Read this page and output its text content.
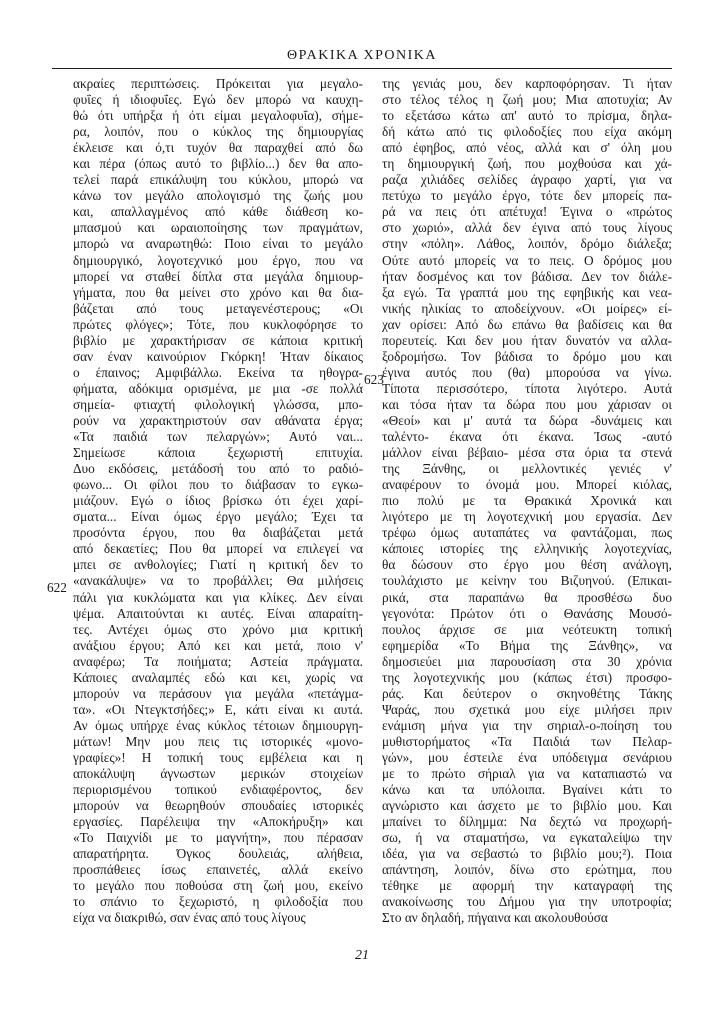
ΘΡΑΚΙΚΑ ΧΡΟΝΙΚΑ
622
623
ακραίες περιπτώσεις. Πρόκειται για μεγαλο-
φυΐες ή ιδιοφυΐες. Εγώ δεν μπορώ να καυχη-
θώ ότι υπήρξα ή ότι είμαι μεγαλοφυΐα), σήμε-
ρα, λοιπόν, που ο κύκλος της δημιουργίας
έκλεισε και ό,τι τυχόν θα παραχθεί από δω
και πέρα (όπως αυτό το βιβλίο...) δεν θα απο-
τελεί παρά επικάλυψη του κύκλου, μπορώ να
κάνω τον μεγάλο απολογισμό της ζωής μου
και, απαλλαγμένος από κάθε διάθεση κο-
μπασμού και ωραιοποίησης των πραγμάτων,
μπορώ να αναρωτηθώ: Ποιο είναι το μεγάλο
δημιουργικό, λογοτεχνικό μου έργο, που να
μπορεί να σταθεί δίπλα στα μεγάλα δημιουρ-
γήματα, που θα μείνει στο χρόνο και θα δια-
βάζεται από τους μεταγενέστερους; «Οι
πρώτες φλόγες»; Τότε, που κυκλοφόρησε το
βιβλίο με χαρακτήρισαν σε κάποια κριτική
σαν έναν καινούριον Γκόρκη! Ήταν δίκαιος
ο έπαινος; Αμφιβάλλω. Εκείνα τα ηθογρα-
φήματα, αδόκιμα ορισμένα, με μια -σε πολλά
σημεία- φτιαχτή φιλολογική γλώσσα, μπο-
ρούν να χαρακτηριστούν σαν αθάνατα έργα;
«Τα παιδιά των πελαργών»; Αυτό ναι...
Σημείωσε κάποια ξεχωριστή επιτυχία.
Δυο εκδόσεις, μετάδοσή του από το ραδιό-
φωνο... Οι φίλοι που το διάβασαν το εγκω-
μιάζουν. Εγώ ο ίδιος βρίσκω ότι έχει χαρί-
σματα... Είναι όμως έργο μεγάλο; Έχει τα
προσόντα έργου, που θα διαβάζεται μετά
από δεκαετίες; Που θα μπορεί να επιλεγεί να
μπει σε ανθολογίες; Γιατί η κριτική δεν το
«ανακάλυψε» να το προβάλλει; Θα μιλήσεις
πάλι για κυκλώματα και για κλίκες. Δεν είναι
ψέμα. Απαιτούνται κι αυτές. Είναι απαραίτη-
τες. Αντέχει όμως στο χρόνο μια κριτική
ανάξιου έργου; Από κει και μετά, ποιο ν'
αναφέρω; Τα ποιήματα; Αστεία πράγματα.
Κάποιες αναλαμπές εδώ και κει, χωρίς να
μπορούν να περάσουν για μεγάλα «πετάγμα-
τα». «Οι Ντεγκτσήδες;» Ε, κάτι είναι κι αυτά.
Αν όμως υπήρχε ένας κύκλος τέτοιων δημιουργη-
μάτων! Μην μου πεις τις ιστορικές «μονο-
γραφίες»! Η τοπική τους εμβέλεια και η
αποκάλυψη άγνωστων μερικών στοιχείων
περιορισμένου τοπικού ενδιαφέροντος, δεν
μπορούν να θεωρηθούν σπουδαίες ιστορικές
εργασίες. Παρέλειψα την «Αποκήρυξη» και
«Το Παιχνίδι με το μαγνήτη», που πέρασαν
απαρατήρητα. Όγκος δουλειάς, αλήθεια,
προσπάθειες ίσως επαινετές, αλλά εκείνο
το μεγάλο που ποθούσα στη ζωή μου, εκείνο
το σπάνιο το ξεχωριστό, η φιλοδοξία που
είχα να διακριθώ, σαν ένας από τους λίγους
της γενιάς μου, δεν καρποφόρησαν. Τι ήταν
στο τέλος τέλος η ζωή μου; Μια αποτυχία; Αν
το εξετάσω κάτω απ' αυτό το πρίσμα, δηλα-
δή κάτω από τις φιλοδοξίες που είχα ακόμη
από έφηβος, από νέος, αλλά και σ' όλη μου
τη δημιουργική ζωή, που μοχθούσα και χά-
ραζα χιλιάδες σελίδες άγραφο χαρτί, για να
πετύχω το μεγάλο έργο, τότε δεν μπορείς πα-
ρά να πεις ότι απέτυχα! Έγινα ο «πρώτος
στο χωριό», αλλά δεν έγινα από τους λίγους
στην «πόλη». Λάθος, λοιπόν, δρόμο διάλεξα;
Ούτε αυτό μπορείς να το πεις. Ο δρόμος μου
ήταν δοσμένος και τον βάδισα. Δεν τον διάλε-
ξα εγώ. Τα γραπτά μου της εφηβικής και νεα-
νικής ηλικίας το αποδείχνουν. «Οι μοίρες» εί-
χαν ορίσει: Από δω επάνω θα βαδίσεις και θα
πορευτείς. Και δεν μου ήταν δυνατόν να αλλα-
ξοδρομήσω. Τον βάδισα το δρόμο μου και
έγινα αυτός που (θα) μπορούσα να γίνω.
Τίποτα περισσότερο, τίποτα λιγότερο. Αυτά
και τόσα ήταν τα δώρα που μου χάρισαν οι
«Θεοί» και μ' αυτά τα δώρα -δυνάμεις και
ταλέντο- έκανα ότι έκανα. Ίσως -αυτό
μάλλον είναι βέβαιο- μέσα στα όρια τα στενά
της Ξάνθης, οι μελλοντικές γενιές ν'
αναφέρουν το όνομά μου. Μπορεί κιόλας,
πιο πολύ με τα Θρακικά Χρονικά και
λιγότερο με τη λογοτεχνική μου εργασία. Δεν
τρέφω όμως αυταπάτες να φαντάζομαι, πως
κάποιες ιστορίες της ελληνικής λογοτεχνίας,
θα δώσουν στο έργο μου θέση ανάλογη,
τουλάχιστο με κείνην του Βιζυηνού. (Επικαι-
ρικά, στα παραπάνω θα προσθέσω δυο
γεγονότα: Πρώτον ότι ο Θανάσης Μουσό-
πουλος άρχισε σε μια νεότευκτη τοπική
εφημερίδα «Το Βήμα της Ξάνθης», να
δημοσιεύει μια παρουσίαση στα 30 χρόνια
της λογοτεχνικής μου (κάπως έτσι) προσφο-
ράς. Και δεύτερον ο σκηνοθέτης Τάκης
Ψαράς, που σχετικά μου είχε μιλήσει πριν
ενάμιση μήνα για την σηριαλ-ο-ποίηση του
μυθιστορήματος «Τα Παιδιά των Πελαρ-
γών», μου έστειλε ένα υπόδειγμα σενάριου
με το πρώτο σήριαλ για να καταπιαστώ να
κάνω και τα υπόλοιπα. Βγαίνει κάτι το
αγνώριστο και άσχετο με το βιβλίο μου. Και
μπαίνει το δίλημμα: Να δεχτώ να προχωρή-
σω, ή να σταματήσω, να εγκαταλείψω την
ιδέα, για να σεβαστώ το βιβλίο μου;²). Ποια
απάντηση, λοιπόν, δίνω στο ερώτημα, που
τέθηκε με αφορμή την καταγραφή της
ανακοίνωσης του Δήμου για την υποτροφία;
Στο αν δηλαδή, πήγαινα και ακολουθούσα
21
